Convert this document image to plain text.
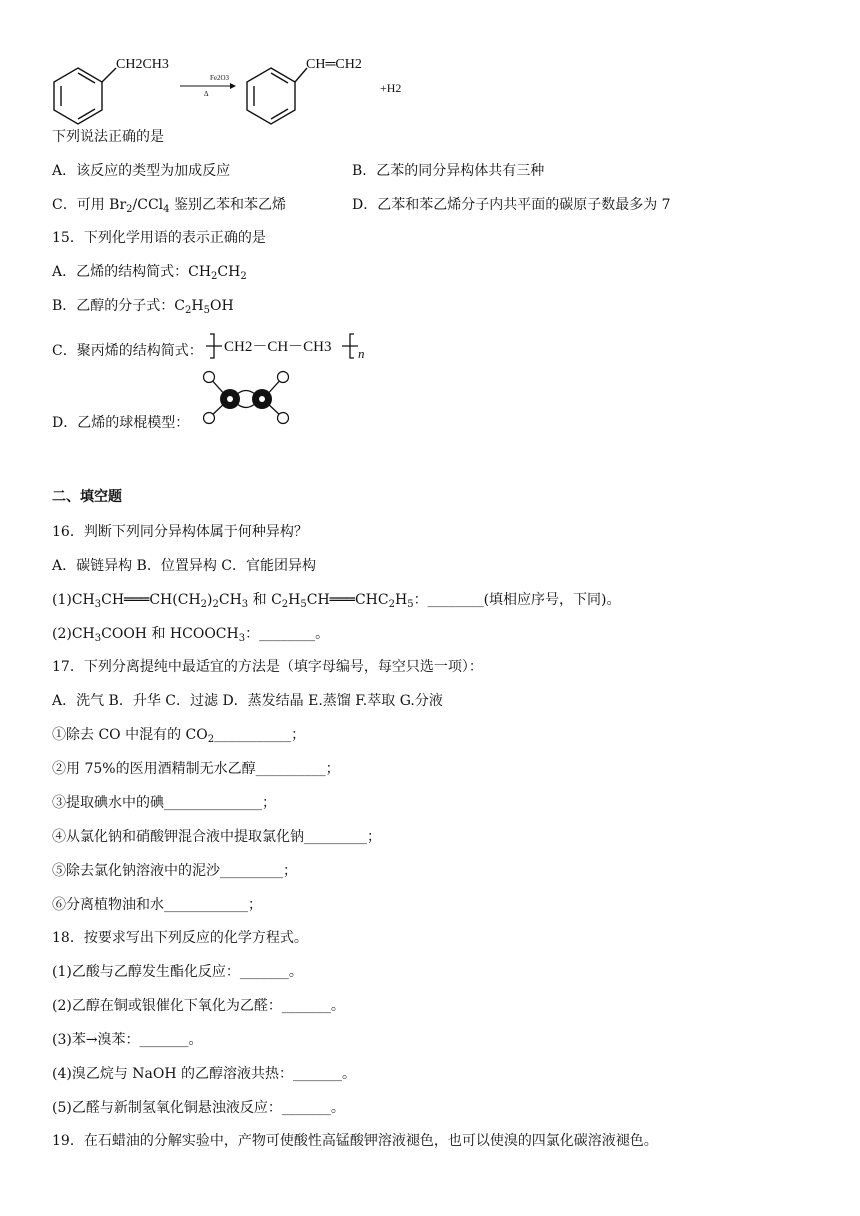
CH2CH3
Fe2O3
Δ
CH═CH2
+H2
下列说法正确的是
A．该反应的类型为加成反应	B．乙苯的同分异构体共有三种
C．可用 $Br_2/CCl_4$ 鉴别乙苯和苯乙烯	D．乙苯和苯乙烯分子内共平面的碳原子数最多为 7
15．下列化学用语的表示正确的是
A．乙烯的结构简式：$CH_2CH_2$
B．乙醇的分子式：$C_2H_5OH$
C．聚丙烯的结构简式： CH2－CH－CH3 n
D．乙烯的球棍模型：
二、填空题
16．判断下列同分异构体属于何种异构？
A．碳链异构 B．位置异构 C．官能团异构
$(1)CH_3CH═══CH(CH_2)_2CH_3$ 和 $C_2H_5CH═══CHC_2H_5$：________(填相应序号，下同)。
$(2)CH_3COOH$ 和 $HCOOCH_3$：________。
17．下列分离提纯中最适宜的方法是（填字母编号，每空只选一项）：
A．洗气 B．升华 C．过滤 D．蒸发结晶 E.蒸馏 F.萃取 G.分液
①除去 CO 中混有的 $CO_2\_\_\_\_\_\_\_\_\_\_\_$；
②用 75%的医用酒精制无水乙醇__________；
③提取碘水中的碘______________；
④从氯化钠和硝酸钾混合液中提取氯化钠_________；
⑤除去氯化钠溶液中的泥沙_________；
⑥分离植物油和水____________；
18．按要求写出下列反应的化学方程式。
(1)乙酸与乙醇发生酯化反应：_______。
(2)乙醇在铜或银催化下氧化为乙醛：_______。
(3)苯→溴苯：_______。
(4)溴乙烷与 NaOH 的乙醇溶液共热：_______。
(5)乙醛与新制氢氧化铜悬浊液反应：_______。
19．在石蜡油的分解实验中，产物可使酸性高锰酸钾溶液褪色，也可以使溴的四氯化碳溶液褪色。
